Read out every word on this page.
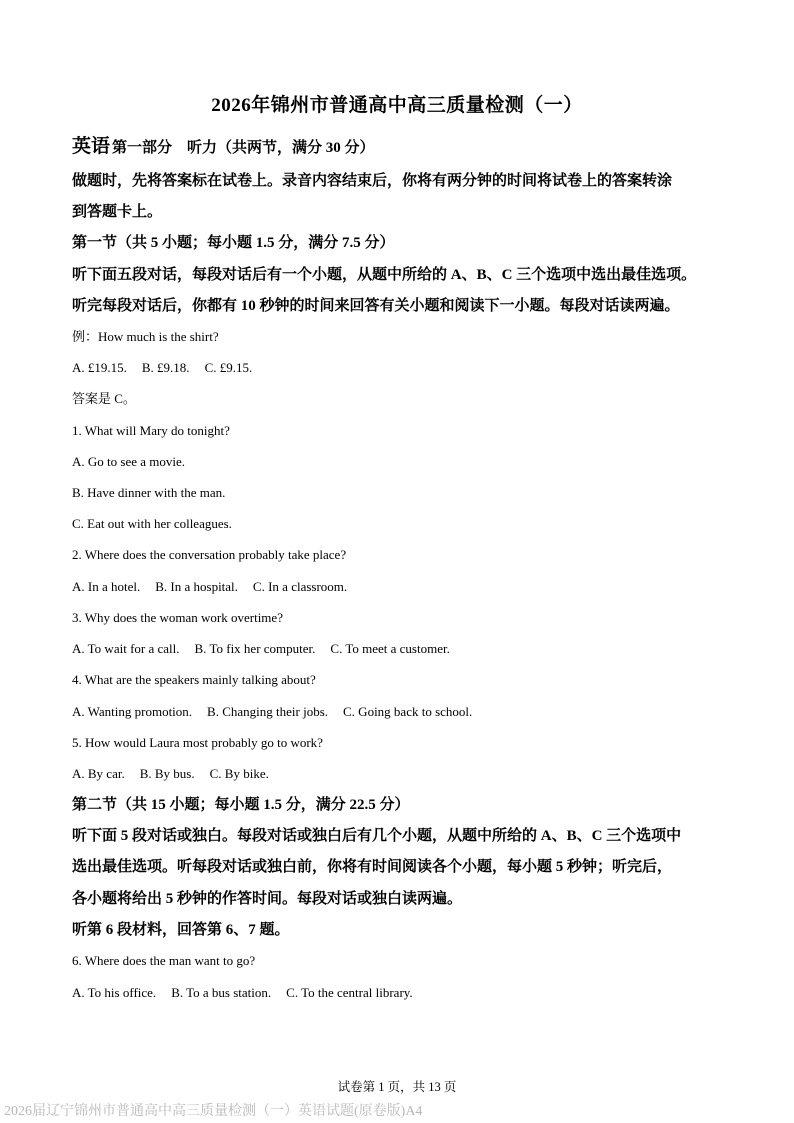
2026年锦州市普通高中高三质量检测（一）
英语 第一部分　听力（共两节，满分 30 分）
做题时，先将答案标在试卷上。录音内容结束后，你将有两分钟的时间将试卷上的答案转涂
到答题卡上。
第一节（共 5 小题；每小题 1.5 分，满分 7.5 分）
听下面五段对话，每段对话后有一个小题，从题中所给的 A、B、C 三个选项中选出最佳选项。
听完每段对话后，你都有 10 秒钟的时间来回答有关小题和阅读下一小题。每段对话读两遍。
例：How much is the shirt?
A. £19.15. B. £9.18. C. £9.15.
答案是 C。
1. What will Mary do tonight?
A. Go to see a movie.
B. Have dinner with the man.
C. Eat out with her colleagues.
2. Where does the conversation probably take place?
A. In a hotel. B. In a hospital. C. In a classroom.
3. Why does the woman work overtime?
A. To wait for a call. B. To fix her computer. C. To meet a customer.
4. What are the speakers mainly talking about?
A. Wanting promotion. B. Changing their jobs. C. Going back to school.
5. How would Laura most probably go to work?
A. By car. B. By bus. C. By bike.
第二节（共 15 小题；每小题 1.5 分，满分 22.5 分）
听下面 5 段对话或独白。每段对话或独白后有几个小题，从题中所给的 A、B、C 三个选项中
选出最佳选项。听每段对话或独白前，你将有时间阅读各个小题，每小题 5 秒钟；听完后，
各小题将给出 5 秒钟的作答时间。每段对话或独白读两遍。
听第 6 段材料，回答第 6、7 题。
6. Where does the man want to go?
A. To his office. B. To a bus station. C. To the central library.
试卷第 1 页，共 13 页
2026届辽宁锦州市普通高中高三质量检测（一）英语试题(原卷版)A4
